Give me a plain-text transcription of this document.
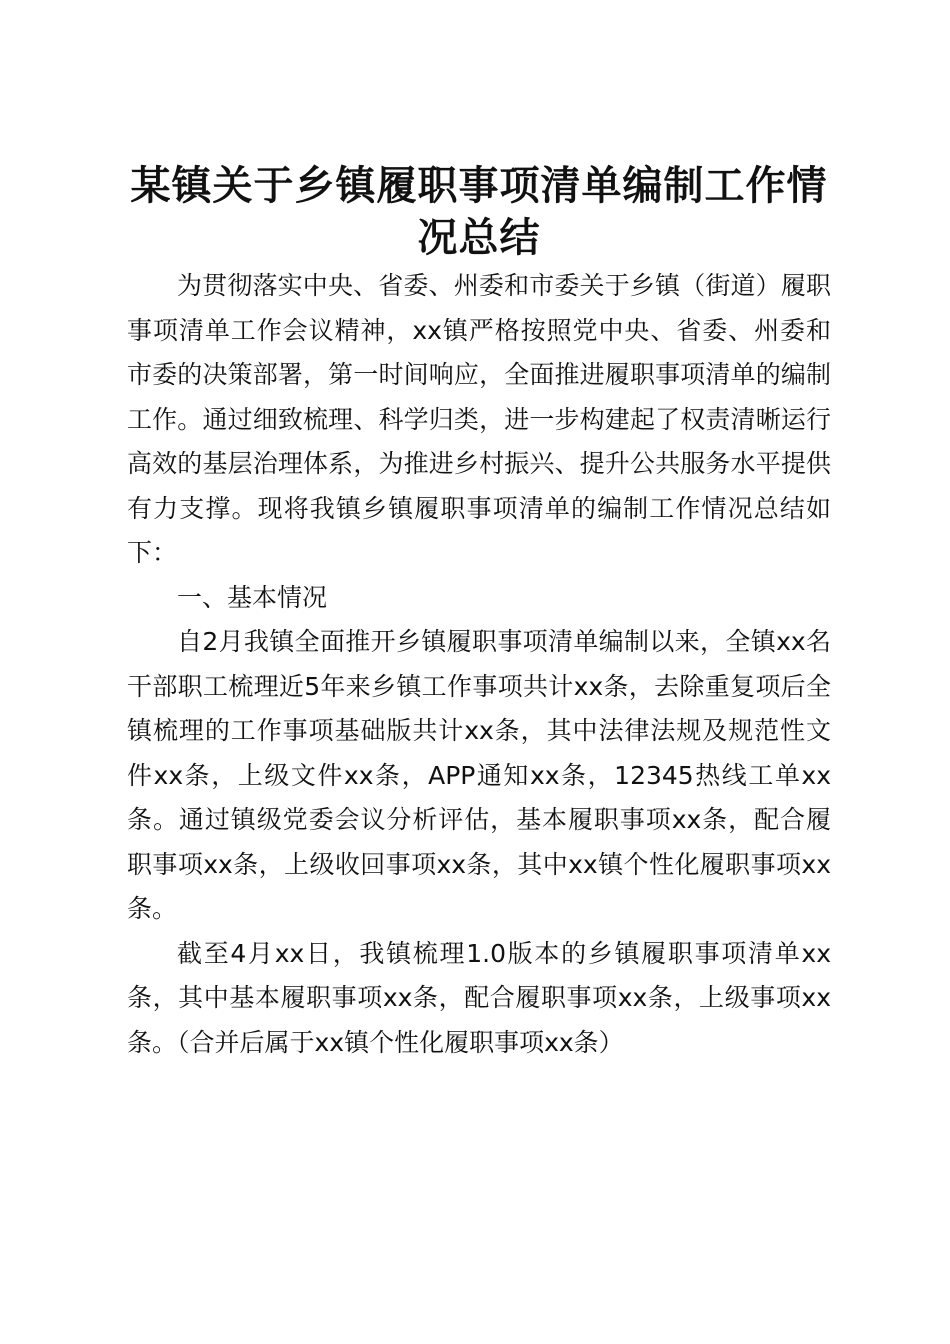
某镇关于乡镇履职事项清单编制工作情况总结

为贯彻落实中央、省委、州委和市委关于乡镇（街道）履职事项清单工作会议精神，xx镇严格按照党中央、省委、州委和市委的决策部署，第一时间响应，全面推进履职事项清单的编制工作。通过细致梳理、科学归类，进一步构建起了权责清晰运行高效的基层治理体系，为推进乡村振兴、提升公共服务水平提供有力支撑。现将我镇乡镇履职事项清单的编制工作情况总结如下：

一、基本情况

自2月我镇全面推开乡镇履职事项清单编制以来，全镇xx名干部职工梳理近5年来乡镇工作事项共计xx条，去除重复项后全镇梳理的工作事项基础版共计xx条，其中法律法规及规范性文件xx条，上级文件xx条，APP通知xx条，12345热线工单xx条。通过镇级党委会议分析评估，基本履职事项xx条，配合履职事项xx条，上级收回事项xx条，其中xx镇个性化履职事项xx条。

截至4月xx日，我镇梳理1.0版本的乡镇履职事项清单xx条，其中基本履职事项xx条，配合履职事项xx条，上级事项xx条。（合并后属于xx镇个性化履职事项xx条）
